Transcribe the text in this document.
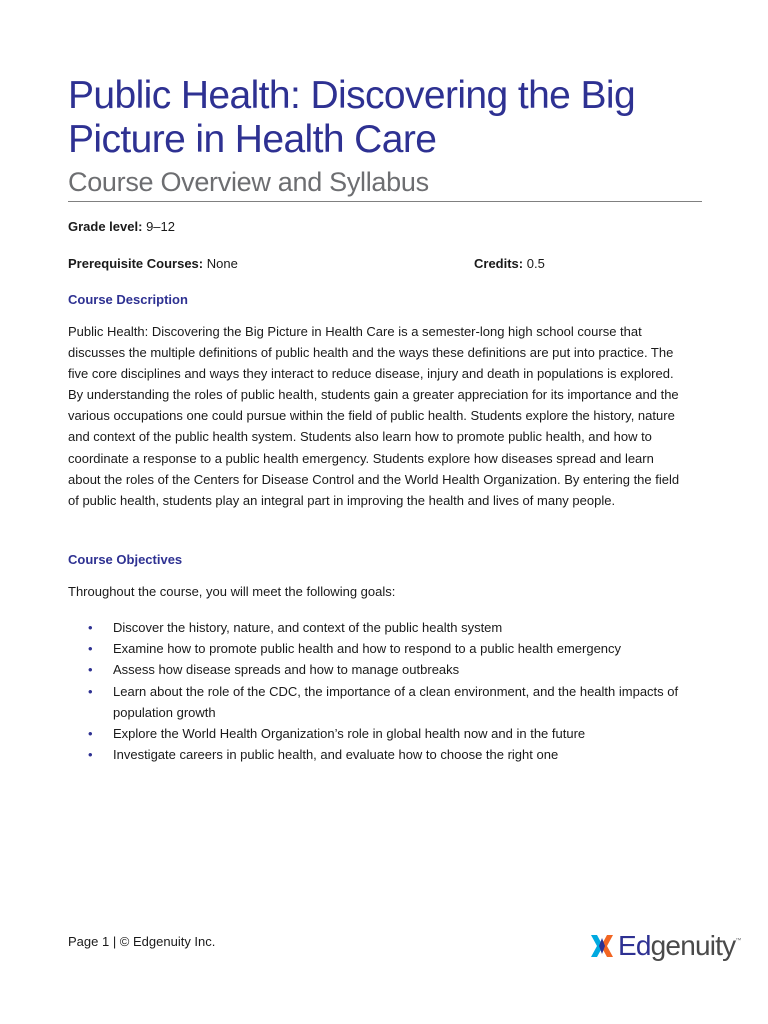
Public Health: Discovering the Big Picture in Health Care
Course Overview and Syllabus
Grade level: 9–12
Prerequisite Courses: None	Credits: 0.5
Course Description

Public Health: Discovering the Big Picture in Health Care is a semester-long high school course that discusses the multiple definitions of public health and the ways these definitions are put into practice. The five core disciplines and ways they interact to reduce disease, injury and death in populations is explored. By understanding the roles of public health, students gain a greater appreciation for its importance and the various occupations one could pursue within the field of public health. Students explore the history, nature and context of the public health system. Students also learn how to promote public health, and how to coordinate a response to a public health emergency. Students explore how diseases spread and learn about the roles of the Centers for Disease Control and the World Health Organization. By entering the field of public health, students play an integral part in improving the health and lives of many people.

Course Objectives

Throughout the course, you will meet the following goals:

• Discover the history, nature, and context of the public health system
• Examine how to promote public health and how to respond to a public health emergency
• Assess how disease spreads and how to manage outbreaks
• Learn about the role of the CDC, the importance of a clean environment, and the health impacts of population growth
• Explore the World Health Organization’s role in global health now and in the future
• Investigate careers in public health, and evaluate how to choose the right one
Page 1 | © Edgenuity Inc.	Edgenuity ™
